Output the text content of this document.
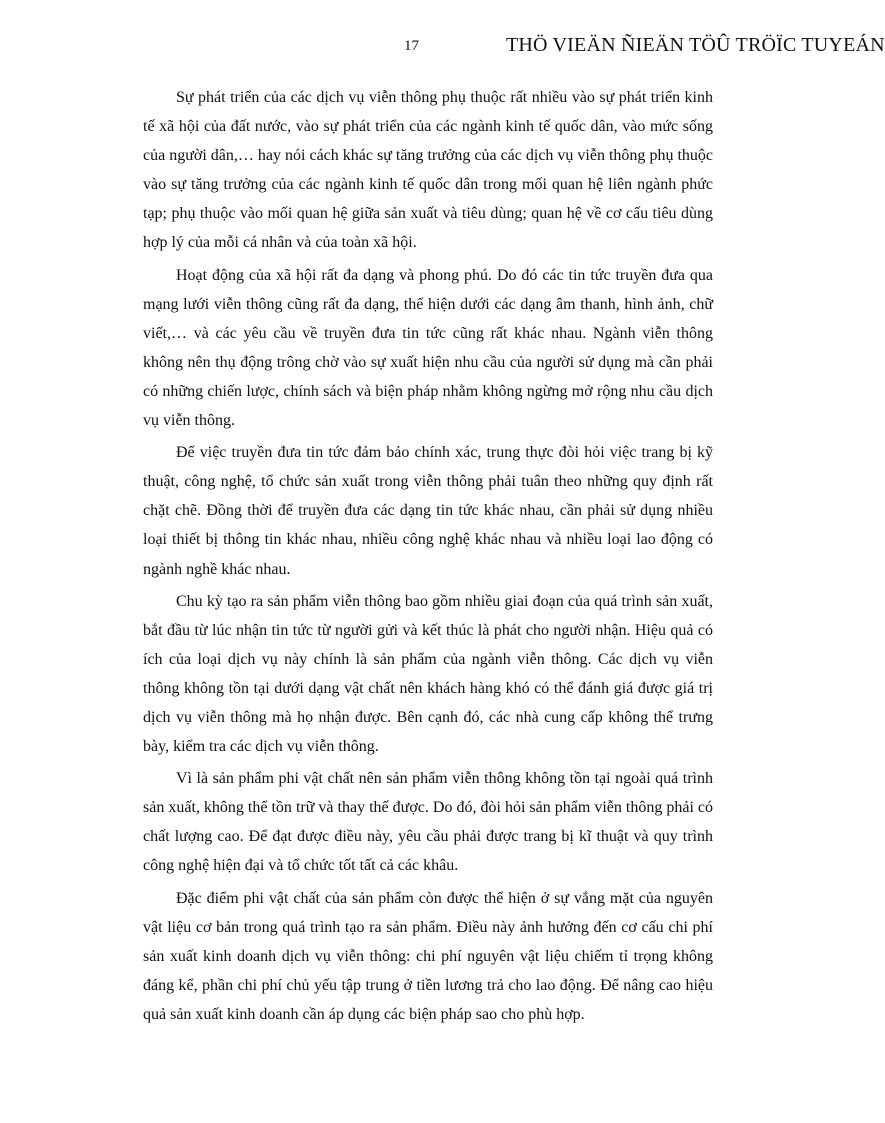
17	THÖ VIEÄN ÑIEÄN TÖÛ TRÖÏC TUYEÁN

Sự phát triển của các dịch vụ viễn thông phụ thuộc rất nhiều vào sự phát triển kinh tế xã hội của đất nước, vào sự phát triển của các ngành kinh tế quốc dân, vào mức sống của người dân,… hay nói cách khác sự tăng trưởng của các dịch vụ viễn thông phụ thuộc vào sự tăng trưởng của các ngành kinh tế quốc dân trong mối quan hệ liên ngành phức tạp; phụ thuộc vào mối quan hệ giữa sản xuất và tiêu dùng; quan hệ về cơ cấu tiêu dùng hợp lý của mỗi cá nhân và của toàn xã hội.

Hoạt động của xã hội rất đa dạng và phong phú. Do đó các tin tức truyền đưa qua mạng lưới viễn thông cũng rất đa dạng, thể hiện dưới các dạng âm thanh, hình ảnh, chữ viết,… và các yêu cầu về truyền đưa tin tức cũng rất khác nhau. Ngành viễn thông không nên thụ động trông chờ vào sự xuất hiện nhu cầu của người sử dụng mà cần phải có những chiến lược, chính sách và biện pháp nhằm không ngừng mở rộng nhu cầu dịch vụ viễn thông.

Để việc truyền đưa tin tức đảm bảo chính xác, trung thực đòi hỏi việc trang bị kỹ thuật, công nghệ, tổ chức sản xuất trong viễn thông phải tuân theo những quy định rất chặt chẽ. Đồng thời để truyền đưa các dạng tin tức khác nhau, cần phải sử dụng nhiều loại thiết bị thông tin khác nhau, nhiều công nghệ khác nhau và nhiều loại lao động có ngành nghề khác nhau.

Chu kỳ tạo ra sản phẩm viễn thông bao gồm nhiều giai đoạn của quá trình sản xuất, bắt đầu từ lúc nhận tin tức từ người gửi và kết thúc là phát cho người nhận. Hiệu quả có ích của loại dịch vụ này chính là sản phẩm của ngành viễn thông. Các dịch vụ viễn thông không tồn tại dưới dạng vật chất nên khách hàng khó có thể đánh giá được giá trị dịch vụ viễn thông mà họ nhận được. Bên cạnh đó, các nhà cung cấp không thể trưng bày, kiểm tra các dịch vụ viễn thông.

Vì là sản phẩm phi vật chất nên sản phẩm viễn thông không tồn tại ngoài quá trình sản xuất, không thể tồn trữ và thay thế được. Do đó, đòi hỏi sản phẩm viễn thông phải có chất lượng cao. Để đạt được điều này, yêu cầu phải được trang bị kĩ thuật và quy trình công nghệ hiện đại và tổ chức tốt tất cả các khâu.

Đặc điểm phi vật chất của sản phẩm còn được thể hiện ở sự vắng mặt của nguyên vật liệu cơ bản trong quá trình tạo ra sản phẩm. Điều này ảnh hưởng đến cơ cấu chi phí sản xuất kinh doanh dịch vụ viễn thông: chi phí nguyên vật liệu chiếm tỉ trọng không đáng kể, phần chi phí chủ yếu tập trung ở tiền lương trả cho lao động. Để nâng cao hiệu quả sản xuất kinh doanh cần áp dụng các biện pháp sao cho phù hợp.
